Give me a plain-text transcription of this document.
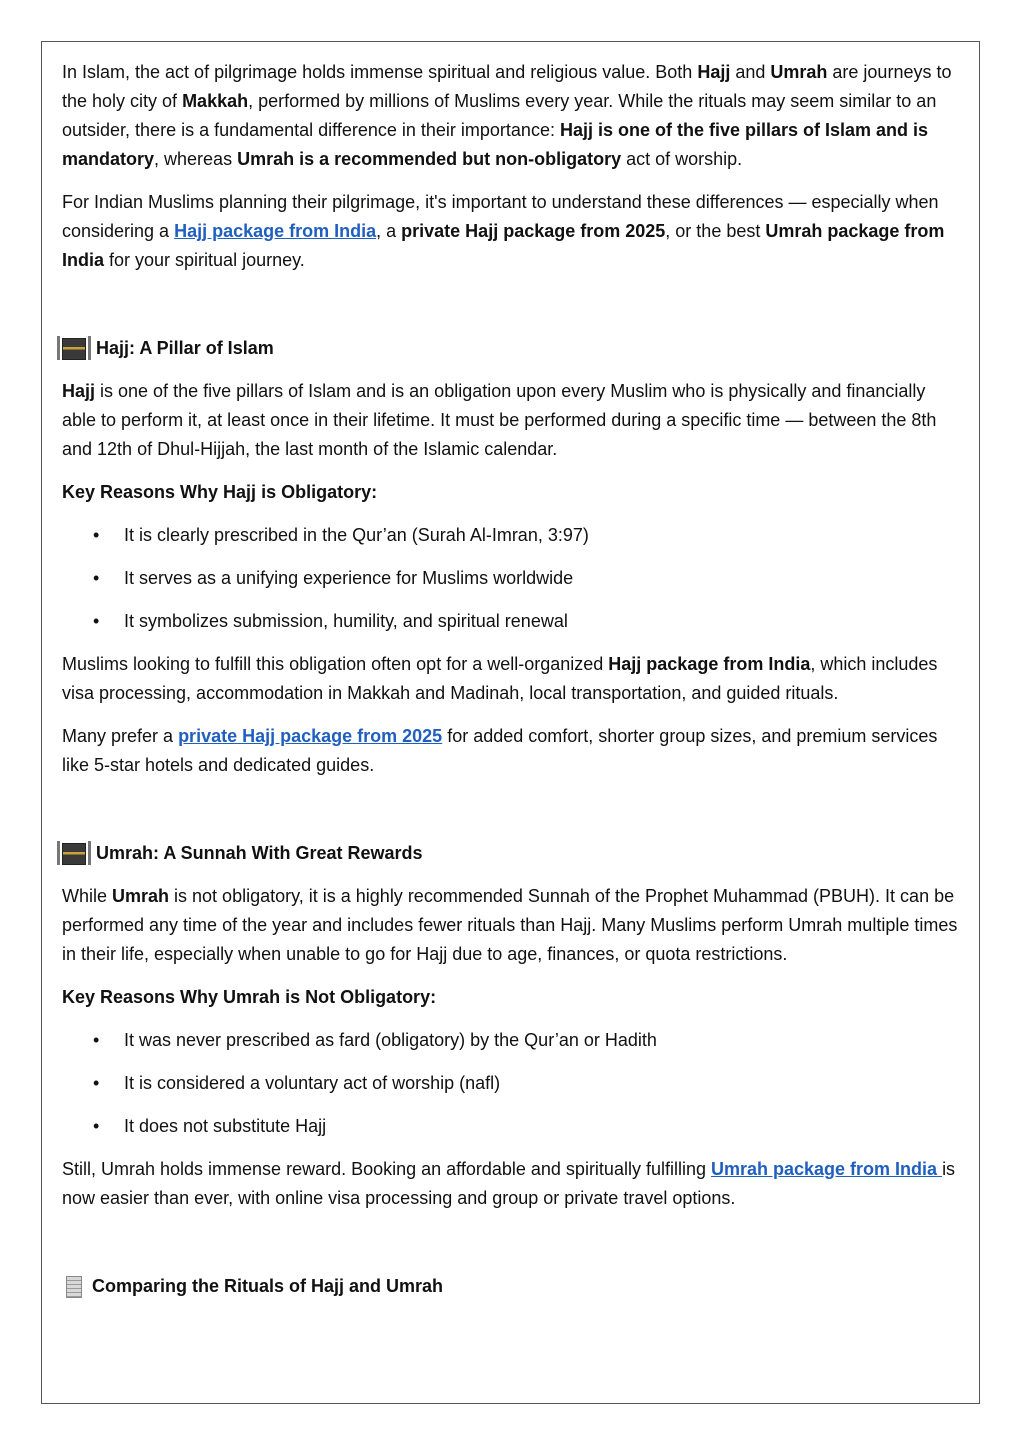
In Islam, the act of pilgrimage holds immense spiritual and religious value. Both Hajj and Umrah are journeys to the holy city of Makkah, performed by millions of Muslims every year. While the rituals may seem similar to an outsider, there is a fundamental difference in their importance: Hajj is one of the five pillars of Islam and is mandatory, whereas Umrah is a recommended but non-obligatory act of worship.

For Indian Muslims planning their pilgrimage, it's important to understand these differences — especially when considering a Hajj package from India, a private Hajj package from 2025, or the best Umrah package from India for your spiritual journey.

Hajj: A Pillar of Islam

Hajj is one of the five pillars of Islam and is an obligation upon every Muslim who is physically and financially able to perform it, at least once in their lifetime. It must be performed during a specific time — between the 8th and 12th of Dhul-Hijjah, the last month of the Islamic calendar.

Key Reasons Why Hajj is Obligatory:

• It is clearly prescribed in the Qur’an (Surah Al-Imran, 3:97)
• It serves as a unifying experience for Muslims worldwide
• It symbolizes submission, humility, and spiritual renewal

Muslims looking to fulfill this obligation often opt for a well-organized Hajj package from India, which includes visa processing, accommodation in Makkah and Madinah, local transportation, and guided rituals.

Many prefer a private Hajj package from 2025 for added comfort, shorter group sizes, and premium services like 5-star hotels and dedicated guides.

Umrah: A Sunnah With Great Rewards

While Umrah is not obligatory, it is a highly recommended Sunnah of the Prophet Muhammad (PBUH). It can be performed any time of the year and includes fewer rituals than Hajj. Many Muslims perform Umrah multiple times in their life, especially when unable to go for Hajj due to age, finances, or quota restrictions.

Key Reasons Why Umrah is Not Obligatory:

• It was never prescribed as fard (obligatory) by the Qur’an or Hadith
• It is considered a voluntary act of worship (nafl)
• It does not substitute Hajj

Still, Umrah holds immense reward. Booking an affordable and spiritually fulfilling Umrah package from India is now easier than ever, with online visa processing and group or private travel options.

Comparing the Rituals of Hajj and Umrah
